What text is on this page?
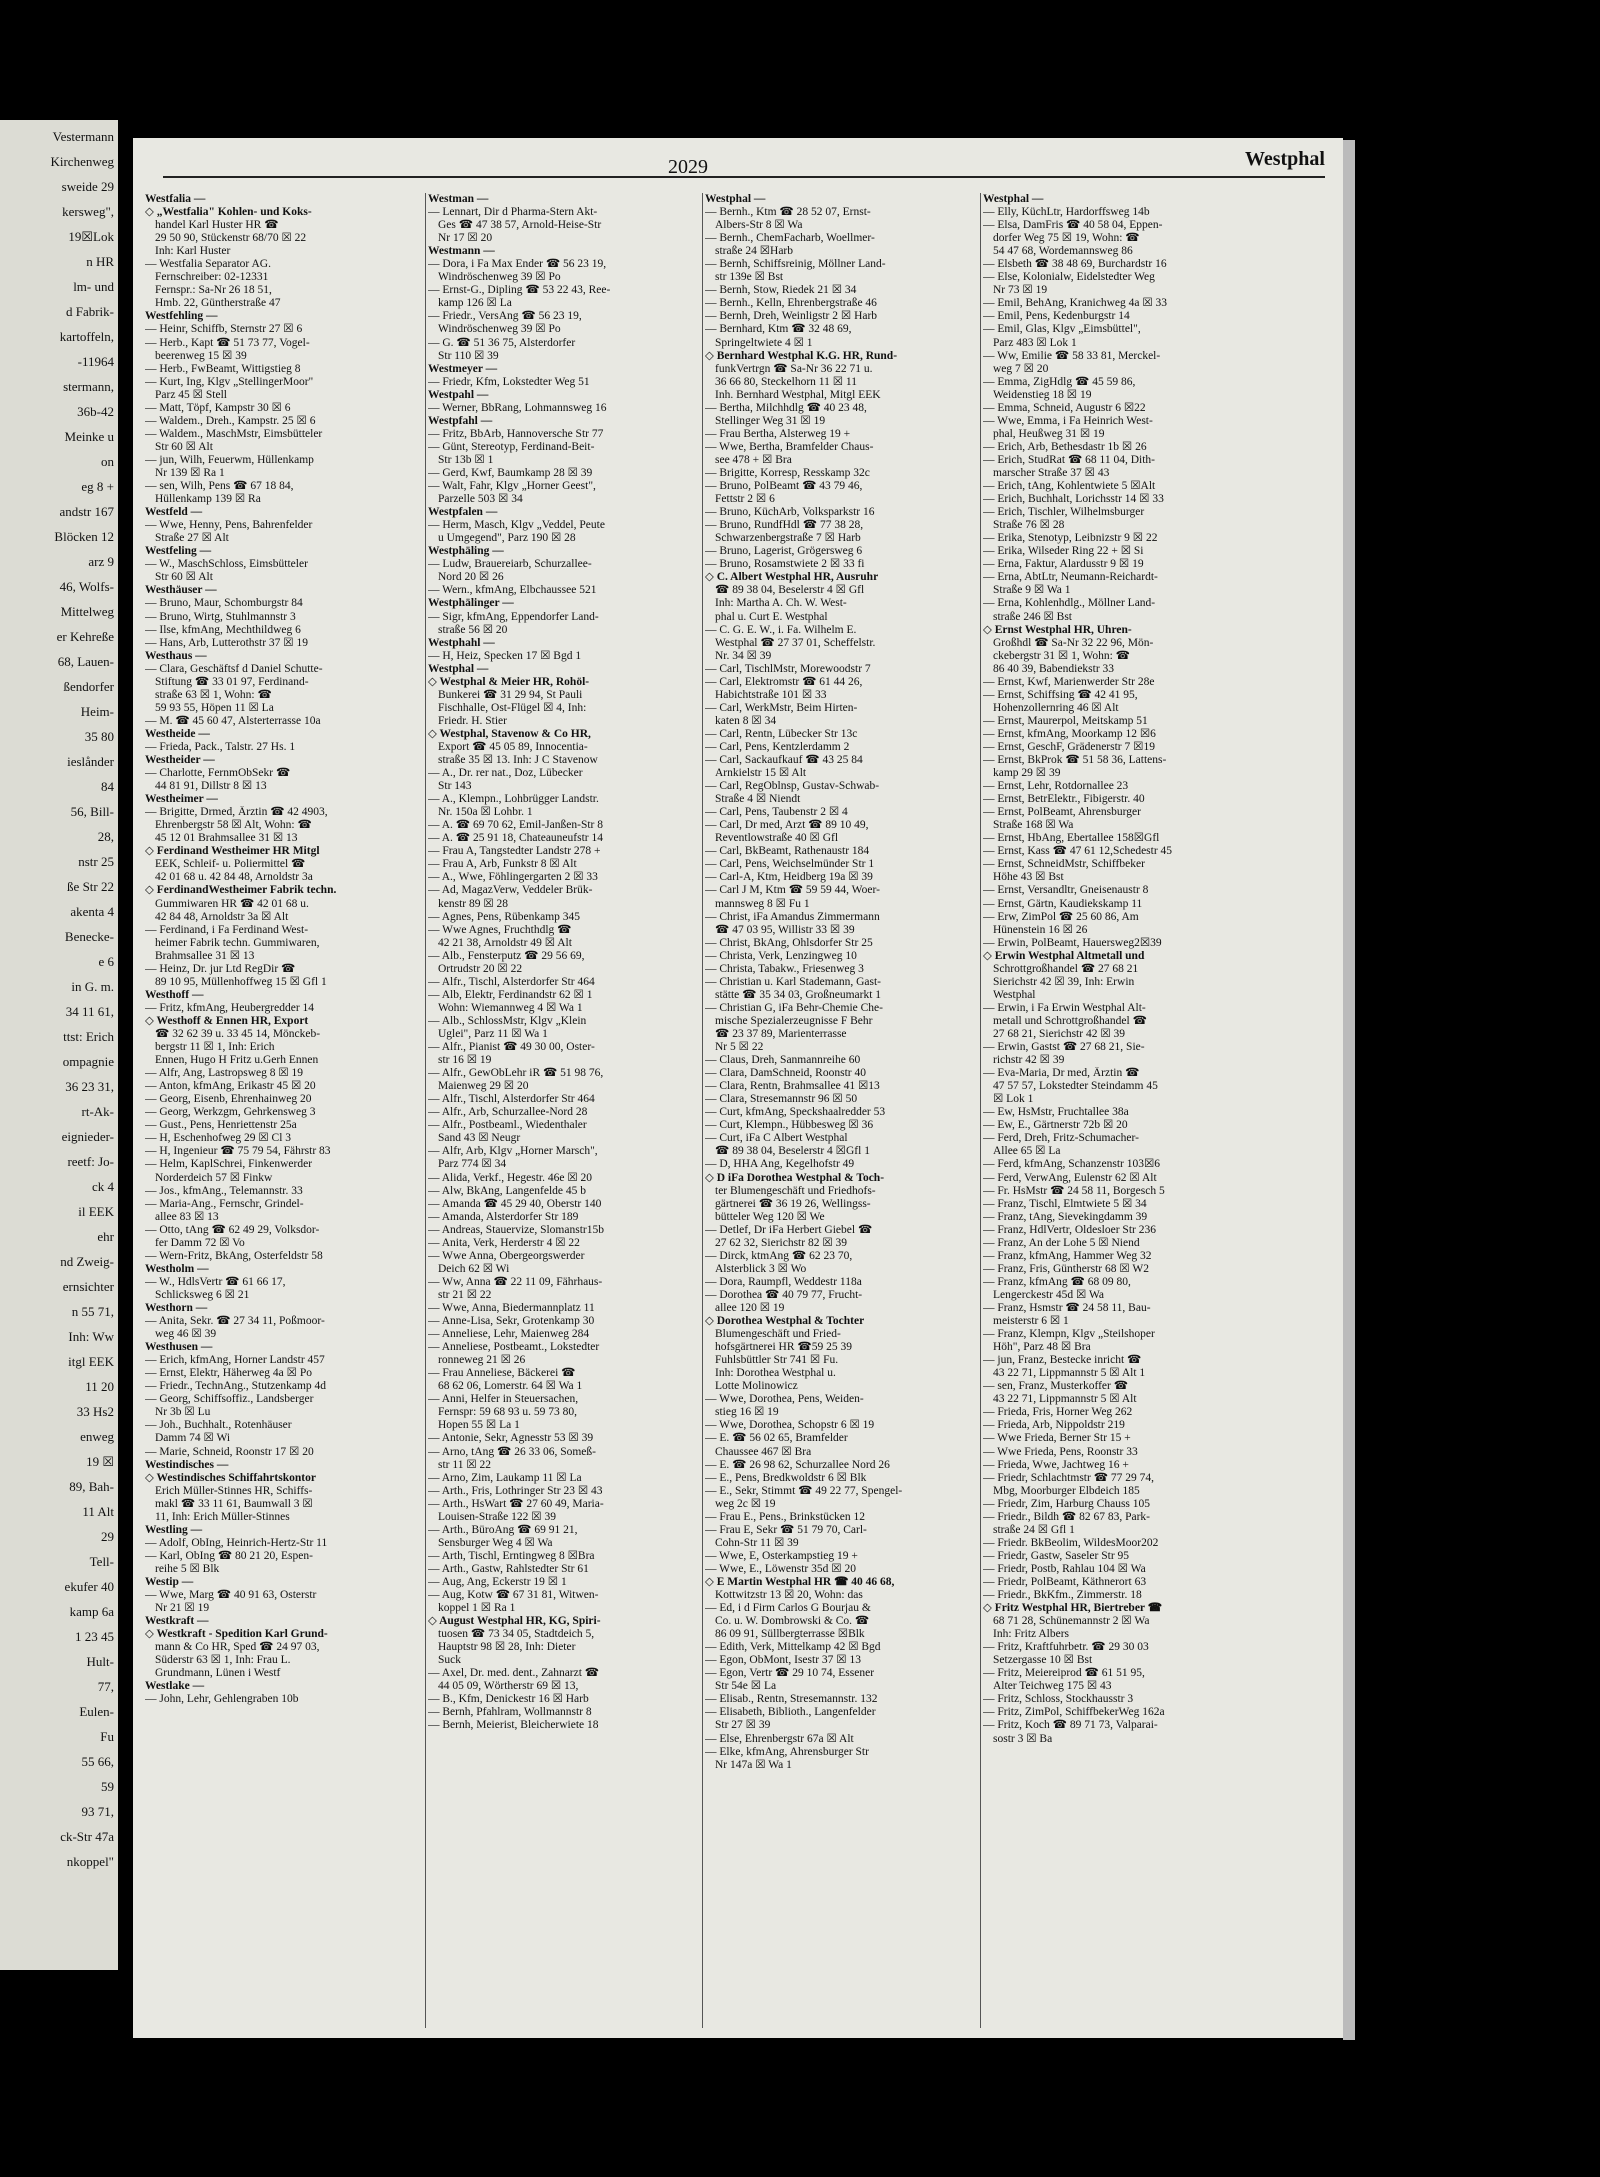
Vestermann
Kirchenweg
sweide 29
kersweg",
19☒Lok
n HR
lm- und
d Fabrik-
kartoffeln,
-11964
stermann,
36b-42
Meinke u
on
eg 8 +
andstr 167
Blöcken 12
arz 9
46, Wolfs-
Mittelweg
er Kehreße
68, Lauen-
ßendorfer
Heim-
35 80
ieslånder
84
56, Bill-
28,
nstr 25
ße Str 22
akenta 4
Benecke-
e 6
in G. m.
34 11 61,
ttst: Erich
ompagnie
36 23 31,
rt-Ak-
eignieder-
reetf: Jo-
ck 4
il EEK
ehr
nd Zweig-
ernsichter
n 55 71,
Inh: Ww
itgl EEK
11 20
33 Hs2
enweg
19 ☒
89, Bah-
11 Alt
29
Tell-
ekufer 40
kamp 6a
1 23 45
Hult-
77,
Eulen-
Fu
55 66,
59
93 71,
ck-Str 47a
nkoppel"
2029	Westphal
Westfalia —
◇ „Westfalia" Kohlen- und Koks-
handel Karl Huster HR ☎
29 50 90, Stückenstr 68/70 ☒ 22
Inh: Karl Huster
— Westfalia Separator AG.
Fernschreiber: 02-12331
Fernspr.: Sa-Nr 26 18 51,
Hmb. 22, Güntherstraße 47
Westfehling —
— Heinr, Schiffb, Sternstr 27 ☒ 6
— Herb., Kapt ☎ 51 73 77, Vogel-
beerenweg 15 ☒ 39
— Herb., FwBeamt, Wittigstieg 8
— Kurt, Ing, Klgv „StellingerMoor"
Parz 45 ☒ Stell
— Matt, Töpf, Kampstr 30 ☒ 6
— Waldem., Dreh., Kampstr. 25 ☒ 6
— Waldem., MaschMstr, Eimsbütteler
Str 60 ☒ Alt
— jun, Wilh, Feuerwm, Hüllenkamp
Nr 139 ☒ Ra 1
— sen, Wilh, Pens ☎ 67 18 84,
Hüllenkamp 139 ☒ Ra
Westfeld —
— Wwe, Henny, Pens, Bahrenfelder
Straße 27 ☒ Alt
Westfeling —
— W., MaschSchloss, Eimsbütteler
Str 60 ☒ Alt
Westhäuser —
— Bruno, Maur, Schomburgstr 84
— Bruno, Wirtg, Stuhlmannstr 3
— Ilse, kfmAng, Mechthildweg 6
— Hans, Arb, Lutterothstr 37 ☒ 19
Westhaus —
— Clara, Geschäftsf d Daniel Schutte-
Stiftung ☎ 33 01 97, Ferdinand-
straße 63 ☒ 1, Wohn: ☎
59 93 55, Höpen 11 ☒ La
— M. ☎ 45 60 47, Alsterterrasse 10a
Westheide —
— Frieda, Pack., Talstr. 27 Hs. 1
Westheider —
— Charlotte, FernmObSekr ☎
44 81 91, Dillstr 8 ☒ 13
Westheimer —
— Brigitte, Drmed, Ärztin ☎ 42 4903,
Ehrenbergstr 58 ☒ Alt, Wohn: ☎
45 12 01 Brahmsallee 31 ☒ 13
◇ Ferdinand Westheimer HR Mitgl
EEK, Schleif- u. Poliermittel ☎
42 01 68 u. 42 84 48, Arnoldstr 3a
◇ FerdinandWestheimer Fabrik techn.
Gummiwaren HR ☎ 42 01 68 u.
42 84 48, Arnoldstr 3a ☒ Alt
— Ferdinand, i Fa Ferdinand West-
heimer Fabrik techn. Gummiwaren,
Brahmsallee 31 ☒ 13
— Heinz, Dr. jur Ltd RegDir ☎
89 10 95, Müllenhoffweg 15 ☒ Gfl 1
Westhoff —
— Fritz, kfmAng, Heubergredder 14
◇ Westhoff & Ennen HR, Export
☎ 32 62 39 u. 33 45 14, Mönckeb-
bergstr 11 ☒ 1, Inh: Erich
Ennen, Hugo H Fritz u.Gerh Ennen
— Alfr, Ang, Lastropsweg 8 ☒ 19
— Anton, kfmAng, Erikastr 45 ☒ 20
— Georg, Eisenb, Ehrenhainweg 20
— Georg, Werkzgm, Gehrkensweg 3
— Gust., Pens, Henriettenstr 25a
— H, Eschenhofweg 29 ☒ Cl 3
— H, Ingenieur ☎ 75 79 54, Fährstr 83
— Helm, KaplSchrei, Finkenwerder
Norderdeich 57 ☒ Finkw
— Jos., kfmAng., Telemannstr. 33
— Maria-Ang., Fernschr, Grindel-
allee 83 ☒ 13
— Otto, tAng ☎ 62 49 29, Volksdor-
fer Damm 72 ☒ Vo
— Wern-Fritz, BkAng, Osterfeldstr 58
Westholm —
— W., HdlsVertr ☎ 61 66 17,
Schlicksweg 6 ☒ 21
Westhorn —
— Anita, Sekr. ☎ 27 34 11, Poßmoor-
weg 46 ☒ 39
Westhusen —
— Erich, kfmAng, Horner Landstr 457
— Ernst, Elektr, Häherweg 4a ☒ Po
— Friedr., TechnAng., Stutzenkamp 4d
— Georg, Schiffsoffiz., Landsberger
Nr 3b ☒ Lu
— Joh., Buchhalt., Rotenhäuser
Damm 74 ☒ Wi
— Marie, Schneid, Roonstr 17 ☒ 20
Westindisches —
◇ Westindisches Schiffahrtskontor
Erich Müller-Stinnes HR, Schiffs-
makl ☎ 33 11 61, Baumwall 3 ☒
11, Inh: Erich Müller-Stinnes
Westling —
— Adolf, ObIng, Heinrich-Hertz-Str 11
— Karl, ObIng ☎ 80 21 20, Espen-
reihe 5 ☒ Blk
Westip —
— Wwe, Marg ☎ 40 91 63, Osterstr
Nr 21 ☒ 19
Westkraft —
◇ Westkraft - Spedition Karl Grund-
mann & Co HR, Sped ☎ 24 97 03,
Süderstr 63 ☒ 1, Inh: Frau L.
Grundmann, Lünen i Westf
Westlake —
— John, Lehr, Gehlengraben 10b
Westman —
— Lennart, Dir d Pharma-Stern Akt-
Ges ☎ 47 38 57, Arnold-Heise-Str
Nr 17 ☒ 20
Westmann —
— Dora, i Fa Max Ender ☎ 56 23 19,
Windröschenweg 39 ☒ Po
— Ernst-G., Dipling ☎ 53 22 43, Ree-
kamp 126 ☒ La
— Friedr., VersAng ☎ 56 23 19,
Windröschenweg 39 ☒ Po
— G. ☎ 51 36 75, Alsterdorfer
Str 110 ☒ 39
Westmeyer —
— Friedr, Kfm, Lokstedter Weg 51
Westpahl —
— Werner, BbRang, Lohmannsweg 16
Westpfahl —
— Fritz, BbArb, Hannoversche Str 77
— Günt, Stereotyp, Ferdinand-Beit-
Str 13b ☒ 1
— Gerd, Kwf, Baumkamp 28 ☒ 39
— Walt, Fahr, Klgv „Horner Geest",
Parzelle 503 ☒ 34
Westpfalen —
— Herm, Masch, Klgv „Veddel, Peute
u Umgegend", Parz 190 ☒ 28
Westphäling —
— Ludw, Brauereiarb, Schurzallee-
Nord 20 ☒ 26
— Wern., kfmAng, Elbchaussee 521
Westphälinger —
— Sigr, kfmAng, Eppendorfer Land-
straße 56 ☒ 20
Westphahl —
— H, Heiz, Specken 17 ☒ Bgd 1
Westphal —
◇ Westphal & Meier HR, Rohöl-
Bunkerei ☎ 31 29 94, St Pauli
Fischhalle, Ost-Flügel ☒ 4, Inh:
Friedr. H. Stier
◇ Westphal, Stavenow & Co HR,
Export ☎ 45 05 89, Innocentia-
straße 35 ☒ 13. Inh: J C Stavenow
— A., Dr. rer nat., Doz, Lübecker
Str 143
— A., Klempn., Lohbrügger Landstr.
Nr. 150a ☒ Lohbr. 1
— A. ☎ 69 70 62, Emil-Janßen-Str 8
— A. ☎ 25 91 18, Chateauneufstr 14
— Frau A, Tangstedter Landstr 278 +
— Frau A, Arb, Funkstr 8 ☒ Alt
— A., Wwe, Föhlingergarten 2 ☒ 33
— Ad, MagazVerw, Veddeler Brük-
kenstr 89 ☒ 28
— Agnes, Pens, Rübenkamp 345
— Wwe Agnes, Fruchthdlg ☎
42 21 38, Arnoldstr 49 ☒ Alt
— Alb., Fensterputz ☎ 29 56 69,
Ortrudstr 20 ☒ 22
— Alfr., Tischl, Alsterdorfer Str 464
— Alb, Elektr, Ferdinandstr 62 ☒ 1
Wohn: Wiemannweg 4 ☒ Wa 1
— Alb., SchlossMstr, Klgv „Klein
Uglei", Parz 11 ☒ Wa 1
— Alfr., Pianist ☎ 49 30 00, Oster-
str 16 ☒ 19
— Alfr., GewObLehr iR ☎ 51 98 76,
Maienweg 29 ☒ 20
— Alfr., Tischl, Alsterdorfer Str 464
— Alfr., Arb, Schurzallee-Nord 28
— Alfr., Postbeaml., Wiedenthaler
Sand 43 ☒ Neugr
— Alfr, Arb, Klgv „Horner Marsch",
Parz 774 ☒ 34
— Alida, Verkf., Hegestr. 46e ☒ 20
— Alw, BkAng, Langenfelde 45 b
— Amanda ☎ 45 29 40, Oberstr 140
— Amanda, Alsterdorfer Str 189
— Andreas, Stauervize, Slomanstr15b
— Anita, Verk, Herderstr 4 ☒ 22
— Wwe Anna, Obergeorgswerder
Deich 62 ☒ Wi
— Ww, Anna ☎ 22 11 09, Fährhaus-
str 21 ☒ 22
— Wwe, Anna, Biedermannplatz 11
— Anne-Lisa, Sekr, Grotenkamp 30
— Anneliese, Lehr, Maienweg 284
— Anneliese, Postbeamt., Lokstedter
ronneweg 21 ☒ 26
— Frau Anneliese, Bäckerei ☎
68 62 06, Lomerstr. 64 ☒ Wa 1
— Anni, Helfer in Steuersachen,
Fernspr: 59 68 93 u. 59 73 80,
Hopen 55 ☒ La 1
— Antonie, Sekr, Agnesstr 53 ☒ 39
— Arno, tAng ☎ 26 33 06, Someß-
str 11 ☒ 22
— Arno, Zim, Laukamp 11 ☒ La
— Arth., Fris, Lothringer Str 23 ☒ 43
— Arth., HsWart ☎ 27 60 49, Maria-
Louisen-Straße 122 ☒ 39
— Arth., BüroAng ☎ 69 91 21,
Sensburger Weg 4 ☒ Wa
— Arth, Tischl, Erntingweg 8 ☒Bra
— Arth., Gastw, Rahlstedter Str 61
— Aug, Ang, Eckerstr 19 ☒ 1
— Aug, Kotw ☎ 67 31 81, Witwen-
koppel 1 ☒ Ra 1
◇ August Westphal HR, KG, Spiri-
tuosen ☎ 73 34 05, Stadtdeich 5,
Hauptstr 98 ☒ 28, Inh: Dieter
Suck
— Axel, Dr. med. dent., Zahnarzt ☎
44 05 09, Wörtherstr 69 ☒ 13,
— B., Kfm, Denickestr 16 ☒ Harb
— Bernh, Pfahlram, Wollmannstr 8
— Bernh, Meierist, Bleicherwiete 18
Westphal —
— Bernh., Ktm ☎ 28 52 07, Ernst-
Albers-Str 8 ☒ Wa
— Bernh., ChemFacharb, Woellmer-
straße 24 ☒Harb
— Bernh, Schiffsreinig, Möllner Land-
str 139e ☒ Bst
— Bernh, Stow, Riedek 21 ☒ 34
— Bernh., Kelln, Ehrenbergstraße 46
— Bernh, Dreh, Weinligstr 2 ☒ Harb
— Bernhard, Ktm ☎ 32 48 69,
Springeltwiete 4 ☒ 1
◇ Bernhard Westphal K.G. HR, Rund-
funkVertrgn ☎ Sa-Nr 36 22 71 u.
36 66 80, Steckelhorn 11 ☒ 11
Inh. Bernhard Westphal, Mitgl EEK
— Bertha, Milchhdlg ☎ 40 23 48,
Stellinger Weg 31 ☒ 19
— Frau Bertha, Alsterweg 19 +
— Wwe, Bertha, Bramfelder Chaus-
see 478 + ☒ Bra
— Brigitte, Korresp, Resskamp 32c
— Bruno, PolBeamt ☎ 43 79 46,
Fettstr 2 ☒ 6
— Bruno, KüchArb, Volksparkstr 16
— Bruno, RundfHdl ☎ 77 38 28,
Schwarzenbergstraße 7 ☒ Harb
— Bruno, Lagerist, Grögersweg 6
— Bruno, Rosamstwiete 2 ☒ 33 fi
◇ C. Albert Westphal HR, Ausruhr
☎ 89 38 04, Beselerstr 4 ☒ Gfl
Inh: Martha A. Ch. W. West-
phal u. Curt E. Westphal
— C. G. E. W., i. Fa. Wilhelm E.
Westphal ☎ 27 37 01, Scheffelstr.
Nr. 34 ☒ 39
— Carl, TischlMstr, Morewoodstr 7
— Carl, Elektromstr ☎ 61 44 26,
Habichtstraße 101 ☒ 33
— Carl, WerkMstr, Beim Hirten-
katen 8 ☒ 34
— Carl, Rentn, Lübecker Str 13c
— Carl, Pens, Kentzlerdamm 2
— Carl, Sackaufkauf ☎ 43 25 84
Arnkielstr 15 ☒ Alt
— Carl, RegOblnsp, Gustav-Schwab-
Straße 4 ☒ Niendt
— Carl, Pens, Taubenstr 2 ☒ 4
— Carl, Dr med, Arzt ☎ 89 10 49,
Reventlowstraße 40 ☒ Gfl
— Carl, BkBeamt, Rathenaustr 184
— Carl, Pens, Weichselmünder Str 1
— Carl-A, Ktm, Heidberg 19a ☒ 39
— Carl J M, Ktm ☎ 59 59 44, Woer-
mannsweg 8 ☒ Fu 1
— Christ, iFa Amandus Zimmermann
☎ 47 03 95, Willistr 33 ☒ 39
— Christ, BkAng, Ohlsdorfer Str 25
— Christa, Verk, Lenzingweg 10
— Christa, Tabakw., Friesenweg 3
— Christian u. Karl Stademann, Gast-
stätte ☎ 35 34 03, Großneumarkt 1
— Christian G, iFa Behr-Chemie Che-
mische Spezialerzeugnisse F Behr
☎ 23 37 89, Marienterrasse
Nr 5 ☒ 22
— Claus, Dreh, Sanmannreihe 60
— Clara, DamSchneid, Roonstr 40
— Clara, Rentn, Brahmsallee 41 ☒13
— Clara, Stresemannstr 96 ☒ 50
— Curt, kfmAng, Speckshaalredder 53
— Curt, Klempn., Hübbesweg ☒ 36
— Curt, iFa C Albert Westphal
☎ 89 38 04, Beselerstr 4 ☒Gfl 1
— D, HHA Ang, Kegelhofstr 49
◇ D iFa Dorothea Westphal & Toch-
ter Blumengeschäft und Friedhofs-
gärtnerei ☎ 36 19 26, Wellingss-
bütteler Weg 120 ☒ We
— Detlef, Dr iFa Herbert Giebel ☎
27 62 32, Sierichstr 82 ☒ 39
— Dirck, ktmAng ☎ 62 23 70,
Alsterblick 3 ☒ Wo
— Dora, Raumpfl, Weddestr 118a
— Dorothea ☎ 40 79 77, Frucht-
allee 120 ☒ 19
◇ Dorothea Westphal & Tochter
Blumengeschäft und Fried-
hofsgärtnerei HR ☎59 25 39
Fuhlsbüttler Str 741 ☒ Fu.
Inh: Dorothea Westphal u.
Lotte Molinowicz
— Wwe, Dorothea, Pens, Weiden-
stieg 16 ☒ 19
— Wwe, Dorothea, Schopstr 6 ☒ 19
— E. ☎ 56 02 65, Bramfelder
Chaussee 467 ☒ Bra
— E. ☎ 26 98 62, Schurzallee Nord 26
— E., Pens, Bredkwoldstr 6 ☒ Blk
— E., Sekr, Stimmt ☎ 49 22 77, Spengel-
weg 2c ☒ 19
— Frau E., Pens., Brinkstücken 12
— Frau E, Sekr ☎ 51 79 70, Carl-
Cohn-Str 11 ☒ 39
— Wwe, E, Osterkampstieg 19 +
— Wwe, E., Löwenstr 35d ☒ 20
◇ E Martin Westphal HR ☎ 40 46 68,
Kottwitzstr 13 ☒ 20, Wohn: das
— Ed, i d Firm Carlos G Bourjau &
Co. u. W. Dombrowski & Co. ☎
86 09 91, Süllbergterrasse ☒Blk
— Edith, Verk, Mittelkamp 42 ☒ Bgd
— Egon, ObMont, Isestr 37 ☒ 13
— Egon, Vertr ☎ 29 10 74, Essener
Str 54e ☒ La
— Elisab., Rentn, Stresemannstr. 132
— Elisabeth, Biblioth., Langenfelder
Str 27 ☒ 39
— Else, Ehrenbergstr 67a ☒ Alt
— Elke, kfmAng, Ahrensburger Str
Nr 147a ☒ Wa 1
Westphal —
— Elly, KüchLtr, Hardorffsweg 14b
— Elsa, DamFris ☎ 40 58 04, Eppen-
dorfer Weg 75 ☒ 19, Wohn: ☎
54 47 68, Wordemannsweg 86
— Elsbeth ☎ 38 48 69, Burchardstr 16
— Else, Kolonialw, Eidelstedter Weg
Nr 73 ☒ 19
— Emil, BehAng, Kranichweg 4a ☒ 33
— Emil, Pens, Kedenburgstr 14
— Emil, Glas, Klgv „Eimsbüttel",
Parz 483 ☒ Lok 1
— Ww, Emilie ☎ 58 33 81, Merckel-
weg 7 ☒ 20
— Emma, ZigHdlg ☎ 45 59 86,
Weidenstieg 18 ☒ 19
— Emma, Schneid, Augustr 6 ☒22
— Wwe, Emma, i Fa Heinrich West-
phal, Heußweg 31 ☒ 19
— Erich, Arb, Bethesdastr 1b ☒ 26
— Erich, StudRat ☎ 68 11 04, Dith-
marscher Straße 37 ☒ 43
— Erich, tAng, Kohlentwiete 5 ☒Alt
— Erich, Buchhalt, Lorichsstr 14 ☒ 33
— Erich, Tischler, Wilhelmsburger
Straße 76 ☒ 28
— Erika, Stenotyp, Leibnizstr 9 ☒ 22
— Erika, Wilseder Ring 22 + ☒ Si
— Erna, Faktur, Alardusstr 9 ☒ 19
— Erna, AbtLtr, Neumann-Reichardt-
Straße 9 ☒ Wa 1
— Erna, Kohlenhdlg., Möllner Land-
straße 246 ☒ Bst
◇ Ernst Westphal HR, Uhren-
Großhdl ☎ Sa-Nr 32 22 96, Mön-
ckebergstr 31 ☒ 1, Wohn: ☎
86 40 39, Babendiekstr 33
— Ernst, Kwf, Marienwerder Str 28e
— Ernst, Schiffsing ☎ 42 41 95,
Hohenzollernring 46 ☒ Alt
— Ernst, Maurerpol, Meitskamp 51
— Ernst, kfmAng, Moorkamp 12 ☒6
— Ernst, GeschF, Grädenerstr 7 ☒19
— Ernst, BkProk ☎ 51 58 36, Lattens-
kamp 29 ☒ 39
— Ernst, Lehr, Rotdornallee 23
— Ernst, BetrElektr., Fibigerstr. 40
— Ernst, PolBeamt, Ahrensburger
Straße 168 ☒ Wa
— Ernst, HbAng, Ebertallee 158☒Gfl
— Ernst, Kass ☎ 47 61 12,Schedestr 45
— Ernst, SchneidMstr, Schiffbeker
Höhe 43 ☒ Bst
— Ernst, Versandltr, Gneisenaustr 8
— Ernst, Gärtn, Kaudiekskamp 11
— Erw, ZimPol ☎ 25 60 86, Am
Hünenstein 16 ☒ 26
— Erwin, PolBeamt, Hauersweg2☒39
◇ Erwin Westphal Altmetall und
Schrottgroßhandel ☎ 27 68 21
Sierichstr 42 ☒ 39, Inh: Erwin
Westphal
— Erwin, i Fa Erwin Westphal Alt-
metall und Schrottgroßhandel ☎
27 68 21, Sierichstr 42 ☒ 39
— Erwin, Gastst ☎ 27 68 21, Sie-
richstr 42 ☒ 39
— Eva-Maria, Dr med, Ärztin ☎
47 57 57, Lokstedter Steindamm 45
☒ Lok 1
— Ew, HsMstr, Fruchtallee 38a
— Ew, E., Gärtnerstr 72b ☒ 20
— Ferd, Dreh, Fritz-Schumacher-
Allee 65 ☒ La
— Ferd, kfmAng, Schanzenstr 103☒6
— Ferd, VerwAng, Eulenstr 62 ☒ Alt
— Fr. HsMstr ☎ 24 58 11, Borgesch 5
— Franz, Tischl, Elmtwiete 5 ☒ 34
— Franz, tAng, Sievekingdamm 39
— Franz, HdlVertr, Oldesloer Str 236
— Franz, An der Lohe 5 ☒ Niend
— Franz, kfmAng, Hammer Weg 32
— Franz, Fris, Güntherstr 68 ☒ W2
— Franz, kfmAng ☎ 68 09 80,
Lengerckestr 45d ☒ Wa
— Franz, Hsmstr ☎ 24 58 11, Bau-
meisterstr 6 ☒ 1
— Franz, Klempn, Klgv „Steilshoper
Höh", Parz 48 ☒ Bra
— jun, Franz, Bestecke inricht ☎
43 22 71, Lippmannstr 5 ☒ Alt 1
— sen, Franz, Musterkoffer ☎
43 22 71, Lippmannstr 5 ☒ Alt
— Frieda, Fris, Horner Weg 262
— Frieda, Arb, Nippoldstr 219
— Wwe Frieda, Berner Str 15 +
— Wwe Frieda, Pens, Roonstr 33
— Frieda, Wwe, Jachtweg 16 +
— Friedr, Schlachtmstr ☎ 77 29 74,
Mbg, Moorburger Elbdeich 185
— Friedr, Zim, Harburg Chauss 105
— Friedr., Bildh ☎ 82 67 83, Park-
straße 24 ☒ Gfl 1
— Friedr. BkBeolim, WildesMoor202
— Friedr, Gastw, Saseler Str 95
— Friedr, Postb, Rahlau 104 ☒ Wa
— Friedr, PolBeamt, Käthnerort 63
— Friedr., BkKfm., Zimmerstr. 18
◇ Fritz Westphal HR, Biertreber ☎
68 71 28, Schünemannstr 2 ☒ Wa
Inh: Fritz Albers
— Fritz, Kraftfuhrbetr. ☎ 29 30 03
Setzergasse 10 ☒ Bst
— Fritz, Meiereiprod ☎ 61 51 95,
Alter Teichweg 175 ☒ 43
— Fritz, Schloss, Stockhausstr 3
— Fritz, ZimPol, SchiffbekerWeg 162a
— Fritz, Koch ☎ 89 71 73, Valparai-
sostr 3 ☒ Ba
